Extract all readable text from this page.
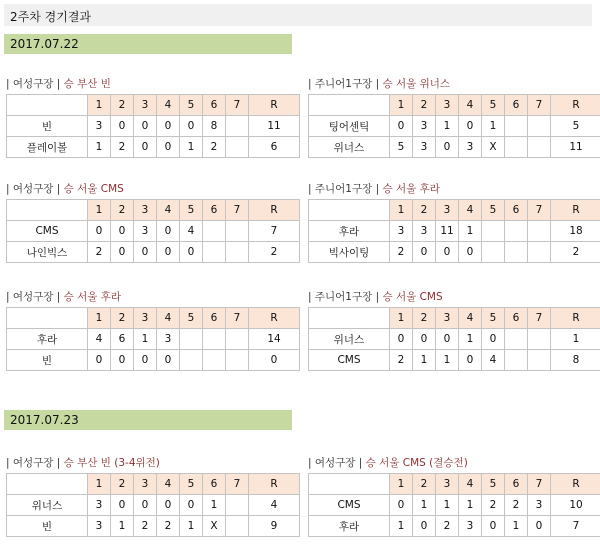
2주차 경기결과
2017.07.22
2017.07.23
| 여성구장 | 승 부산 빈
	1	2	3	4	5	6	7	R
빈	3	0	0	0	0	8		11
플레이볼	1	2	0	0	1	2		6
| 주니어1구장 | 승 서울 위너스
	1	2	3	4	5	6	7	R
팅어센틱	0	3	1	0	1			5
위너스	5	3	0	3	X			11
| 여성구장 | 승 서울 CMS
	1	2	3	4	5	6	7	R
CMS	0	0	3	0	4			7
나인빅스	2	0	0	0	0			2
| 주니어1구장 | 승 서울 후라
	1	2	3	4	5	6	7	R
후라	3	3	11	1				18
빅사이팅	2	0	0	0				2
| 여성구장 | 승 서울 후라
	1	2	3	4	5	6	7	R
후라	4	6	1	3				14
빈	0	0	0	0				0
| 주니어1구장 | 승 서울 CMS
	1	2	3	4	5	6	7	R
위너스	0	0	0	1	0			1
CMS	2	1	1	0	4			8
| 여성구장 | 승 부산 빈 (3-4위전)
	1	2	3	4	5	6	7	R
위너스	3	0	0	0	0	1		4
빈	3	1	2	2	1	X		9
| 여성구장 | 승 서울 CMS (결승전)
	1	2	3	4	5	6	7	R
CMS	0	1	1	1	2	2	3	10
후라	1	0	2	3	0	1	0	7
